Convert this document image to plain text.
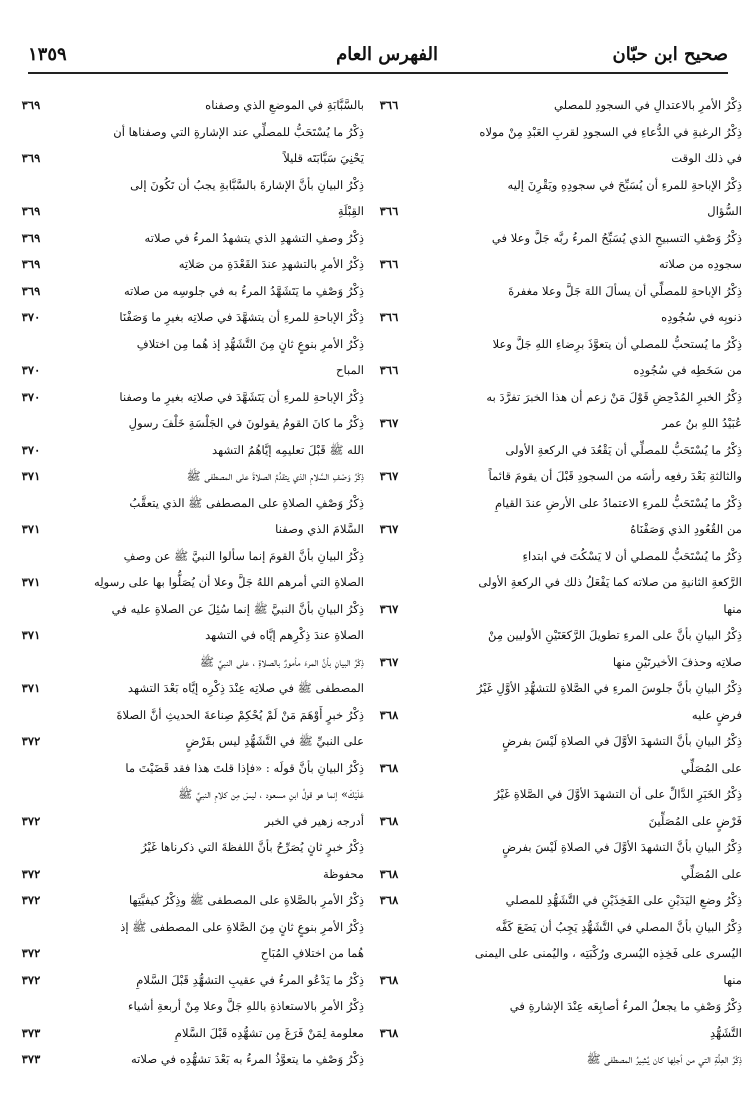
صحيح ابن حبّان
الفهرس العام
١٣٥٩
ذِكْرُ الأمرِ بالاعتدالِ في السجودِ للمصلي
٣٦٦
ذِكْرُ الرغبةِ في الدُّعاءِ في السجودِ لقربِ العَبْدِ مِنْ مولاه
في ذلك الوقت
ذِكْرُ الإباحةِ للمرءِ أن يُسَبِّحَ في سجودِهِ ويَقْرِنَ إليه
السُّؤال
٣٦٦
ذِكْرُ وَصْفِ التسبيحِ الذي يُسَبِّحُ المرءُ ربَّه جَلَّ وعلا في
سجودِه من صلاته
٣٦٦
ذِكْرُ الإباحةِ للمصلِّي أن يسألَ اللهَ جَلَّ وعلا مغفرةَ
ذنوبِه في سُجُودِه
٣٦٦
ذِكْرُ ما يُستحبُّ للمصلي أن يتعوَّذَ برِضاءِ اللهِ جَلَّ وعلا
من سَخَطِه في سُجُودِه
٣٦٦
ذِكْرُ الخبرِ المُدْحِضِ قَوْلَ مَنْ زعم أن هذا الخبرَ تفرَّدَ به
عُبَيْدُ اللهِ بنُ عمر
٣٦٧
ذِكْرُ ما يُسْتَحَبُّ للمصلِّي أن يَقْعُدَ في الركعةِ الأولى
والثالثةِ بَعْدَ رفعِه رأسَه من السجودِ قَبْلَ أن يقومَ قائماً
٣٦٧
ذِكْرُ ما يُسْتَحَبُّ للمرءِ الاعتمادُ على الأرضِ عندَ القيامِ
من القُعُودِ الذي وَصَفْنَاهُ
٣٦٧
ذِكْرُ ما يُسْتَحَبُّ للمصلي أن لا يَسْكُتَ في ابتداءِ
الرَّكعةِ الثانيةِ من صلاته كما يَفْعَلُ ذلك في الركعةِ الأولى
منها
٣٦٧
ذِكْرُ البيانِ بأنَّ على المرءِ تطويلَ الرَّكعَتَيْنِ الأوليين مِنْ
صلاتِه وحذفَ الأخيرتَيْنِ منها
٣٦٧
ذِكْرُ البيانِ بأنَّ جلوسَ المرءِ في الصَّلاةِ للتشهُّدِ الأوَّلِ غَيْرُ
فرضٍ عليه
٣٦٨
ذِكْرُ البيانِ بأنَّ التشهدَ الأوَّلَ في الصلاةِ لَيْسَ بفرضٍ
على المُصَلِّي
٣٦٨
ذِكْرُ الخَبَرِ الدَّالِّ على أن التشهدَ الأوَّلَ في الصَّلاةِ غَيْرُ
فَرْضٍ على المُصَلِّينَ
٣٦٨
ذِكْرُ البيانِ بأنَّ التشهدَ الأوَّلَ في الصلاةِ لَيْسَ بفرضٍ
على المُصَلِّي
٣٦٨
ذِكْرُ وضعِ اليَدَيْنِ على الفَخِذَيْنِ في التَّشَهُّدِ للمصلي
٣٦٨
ذِكْرُ البيانِ بأنَّ المصلي في التَّشَهُّدِ يَجِبُ أن يَضَعَ كَفَّه
اليُسرى على فَخِذِه اليُسرى ورُكْبَتِه ، واليُمنى على اليمنى
منها
٣٦٨
ذِكْرُ وَصْفِ ما يجعلُ المرءُ أصابِعَه عِنْدَ الإشارةِ في
التَّشَهُّدِ
٣٦٨
ذِكْرُ العِلَّةِ التي من أجلِها كان يُشِيرُ المصطفى ﷺ
بالسَّبَّابَةِ في الموضعِ الذي وصفناه
٣٦٩
ذِكْرُ ما يُسْتَحَبُّ للمصلِّي عند الإشارةِ التي وصفناها أن
يَحْنِيَ سَبَّابَتَه قليلاً
٣٦٩
ذِكْرُ البيانِ بأنَّ الإشارةَ بالسَّبَّابةِ يجبُ أن تَكُونَ إلى
القِبْلَةِ
٣٦٩
ذِكْرُ وصفِ التشهدِ الذي يتشهدُ المرءُ في صلاته
٣٦٩
ذِكْرُ الأمرِ بالتشهدِ عندَ القَعْدَةِ من صَلاتِه
٣٦٩
ذِكْرُ وَصْفِ ما يَتَشَهَّدُ المرءُ به في جلوسِه من صلاته
٣٦٩
ذِكْرُ الإباحةِ للمرءِ أن يتشهَّدَ في صلاتِه بغيرِ ما وَصَفْنَا
٣٧٠
ذِكْرُ الأمرِ بنوعٍ ثانٍ مِنَ التَّشَهُّدِ إذ هُما مِن اختلافِ
المباح
٣٧٠
ذِكْرُ الإباحةِ للمرءِ أن يَتَشَهَّدَ في صلاتِه بغيرِ ما وصفنا
٣٧٠
ذِكْرُ ما كانَ القومُ يقولونَ في الجَلْسَةِ خَلْفَ رسولِ
الله ﷺ قَبْلَ تعليمِه إيَّاهُمُ التشهد
٣٧٠
ذِكْرُ وَصْفِ السَّلامِ الذي يتقدَّمُ الصلاةَ على المصطفى ﷺ
٣٧١
ذِكْرُ وَصْفِ الصلاةِ على المصطفى ﷺ الذي يتعقَّبُ
السَّلامَ الذي وصفنا
٣٧١
ذِكْرُ البيانِ بأنَّ القومَ إنما سألوا النبيَّ ﷺ عن وصفِ
الصلاةِ التي أمرهم اللهُ جَلَّ وعلا أن يُصَلُّوا بها على رسولِه
٣٧١
ذِكْرُ البيانِ بأنَّ النبيَّ ﷺ إنما سُئِلَ عن الصلاةِ عليه في
الصلاةِ عندَ ذِكْرِهم إيَّاه في التشهد
٣٧١
ذِكْرُ البيانِ بأنَّ المرءَ مأمورٌ بالصلاةِ ، على النبيِّ ﷺ
المصطفى ﷺ في صلاتِه عِنْدَ ذِكْرِه إيَّاه بَعْدَ التشهد
٣٧١
ذِكْرُ خبرٍ أَوْهَمَ مَنْ لَمْ يُحْكِمْ صِناعةَ الحديثِ أنَّ الصلاةَ
على النبيِّ ﷺ في التَّشَهُّدِ ليس بفَرْضٍ
٣٧٢
ذِكْرُ البيانِ بأنَّ قولَه : «فإذا قلتَ هذا فقد قَضَيْتَ ما
عَلَيْكَ» إنما هو قولُ ابنِ مسعود ، ليسَ مِن كلامِ النبيِّ ﷺ
أدرجه زهير في الخبر
٣٧٢
ذِكْرُ خبرٍ ثانٍ يُصَرِّحُ بأنَّ اللفظةَ التي ذكرناها غَيْرُ
محفوظة
٣٧٢
ذِكْرُ الأمرِ بالصَّلاةِ على المصطفى ﷺ وذِكْرُ كيفيَّتِها
٣٧٢
ذِكْرُ الأمرِ بنوعٍ ثانٍ مِنَ الصَّلاةِ على المصطفى ﷺ إذ
هُما من اختلافِ المُبَاحِ
٣٧٢
ذِكْرُ ما يَدْعُو المرءُ في عقيبِ التشهُّدِ قَبْلَ السَّلامِ
٣٧٢
ذِكْرُ الأمرِ بالاستعاذةِ باللهِ جَلَّ وعلا مِنْ أربعةِ أشياء
معلومة لِمَنْ فَرَغَ مِن تشهُّدِه قَبْلَ السَّلامِ
٣٧٣
ذِكْرُ وَصْفِ ما يتعوَّذُ المرءُ به بَعْدَ تشهُّدِه في صلاته
٣٧٣
